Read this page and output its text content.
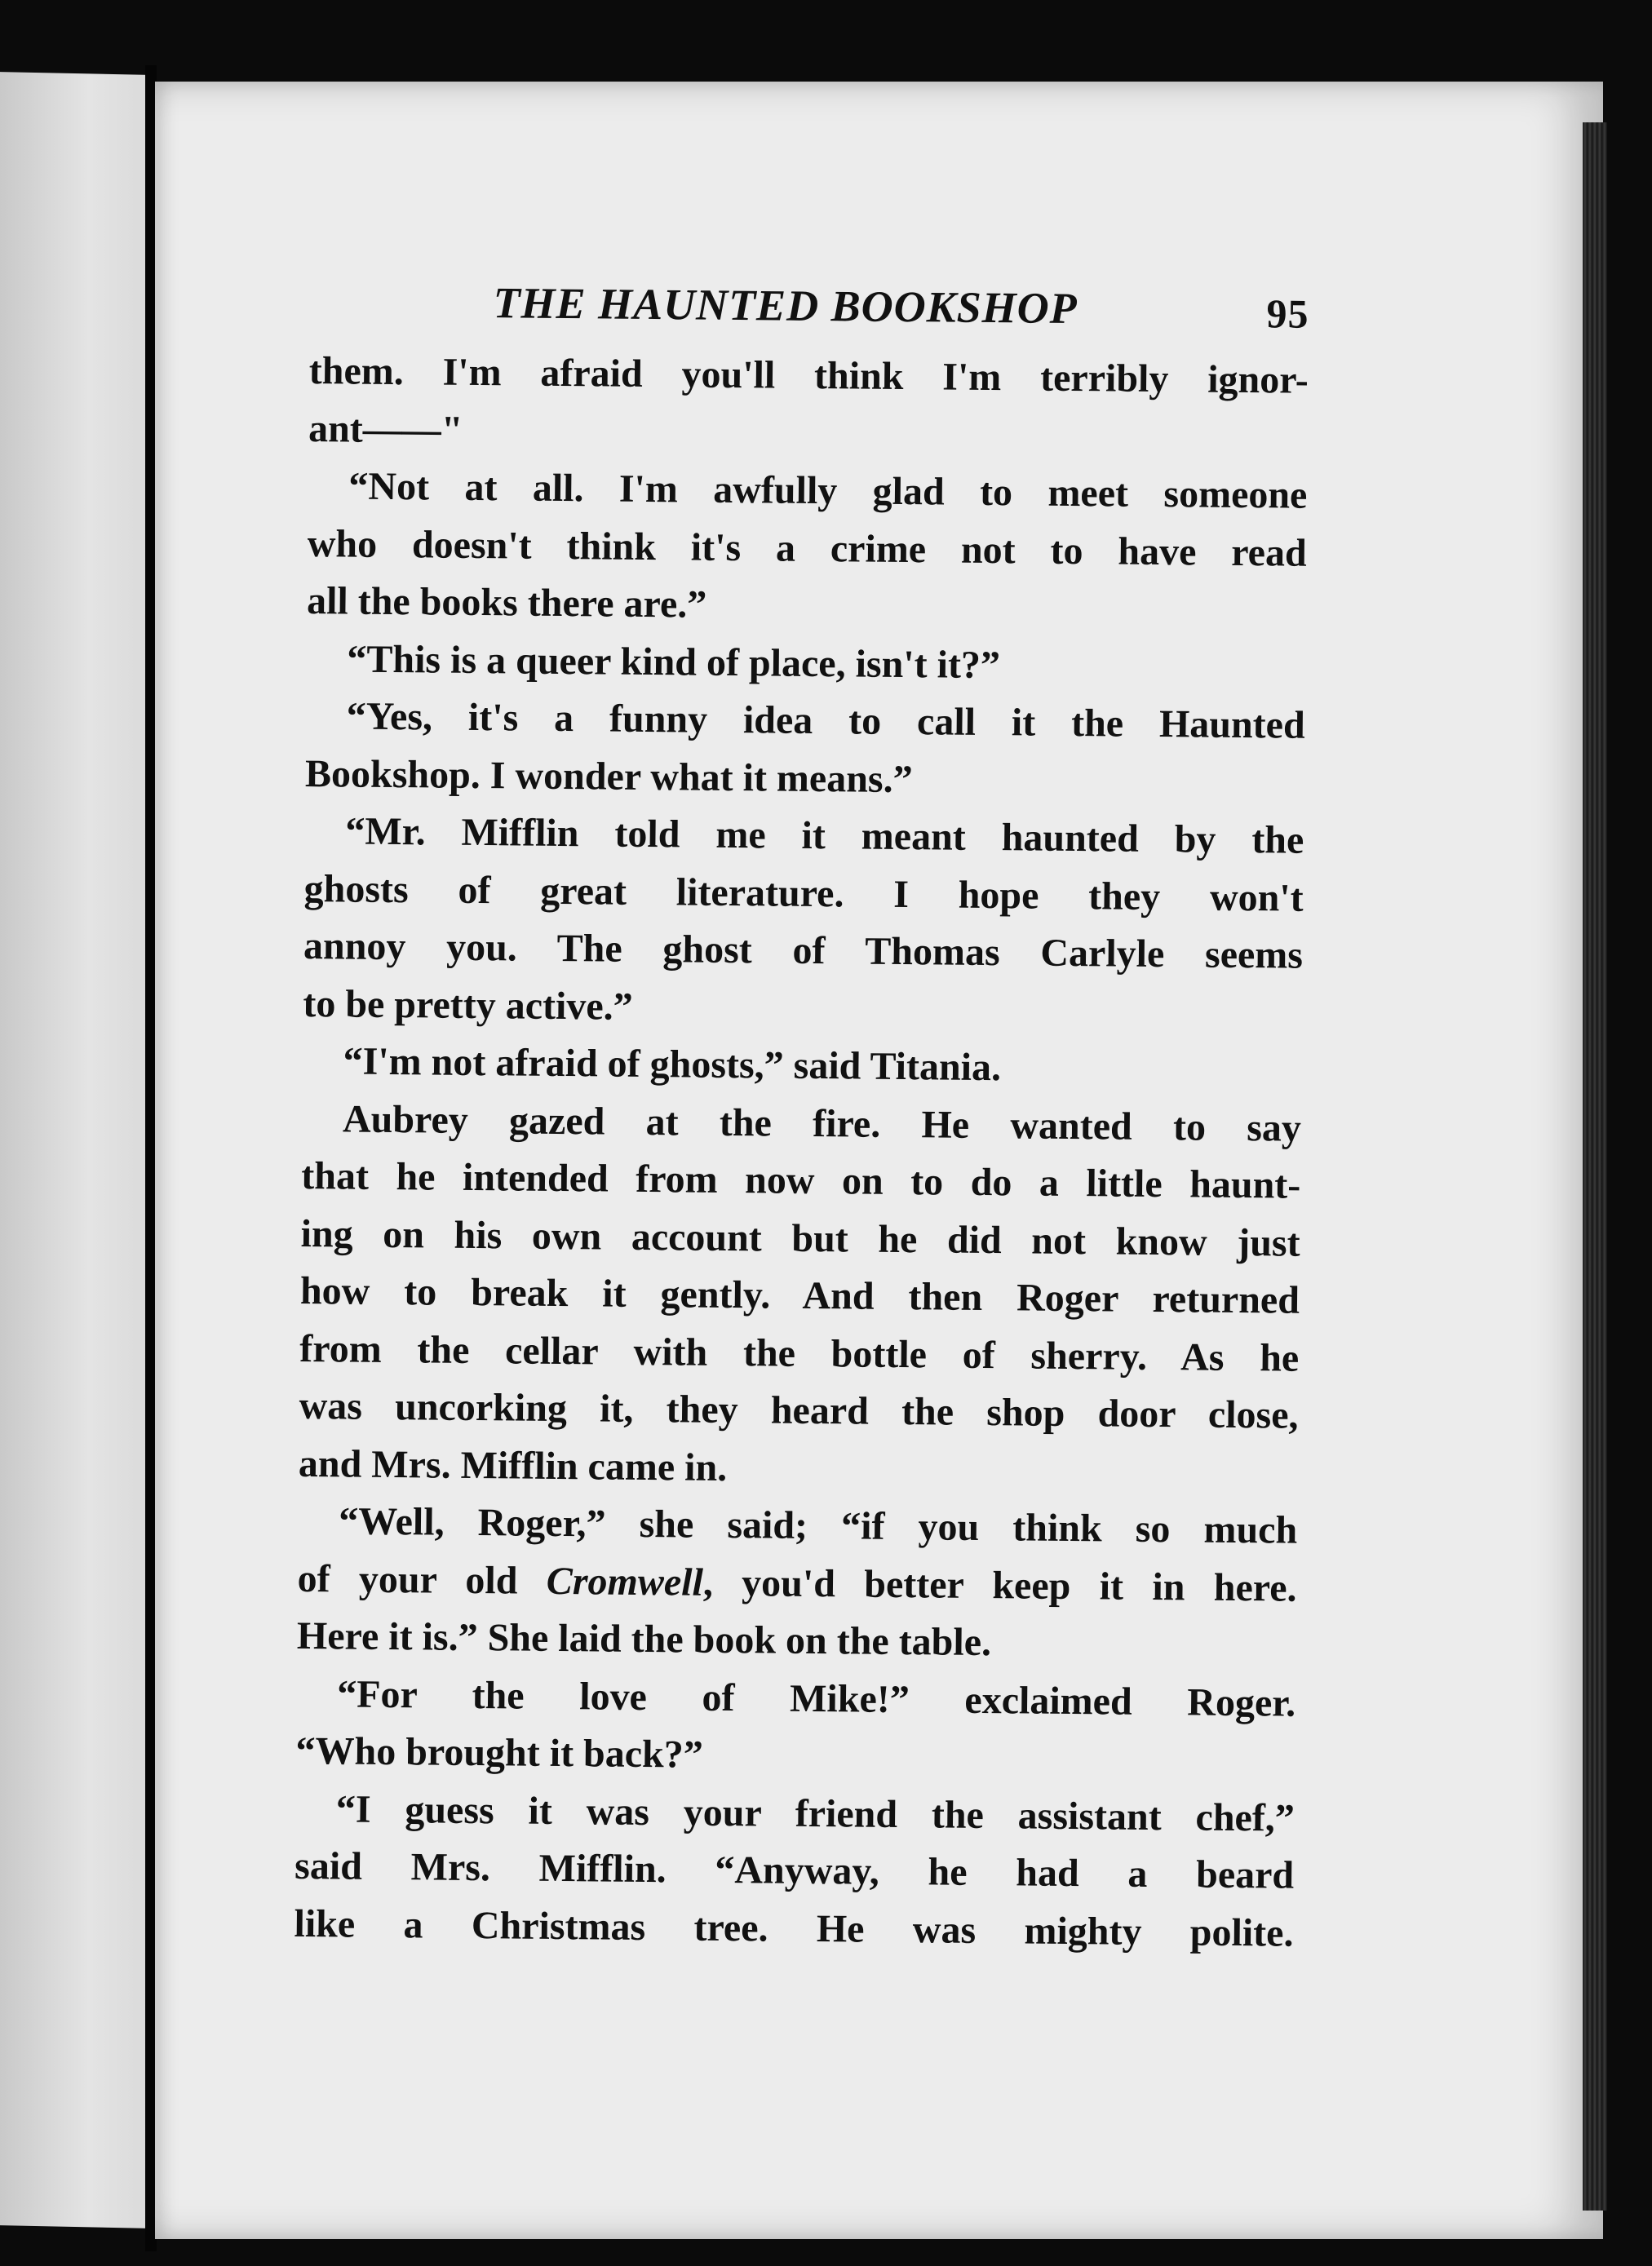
THE HAUNTED BOOKSHOP	95
them. I'm afraid you'll think I'm terribly ignor-
ant——"
“Not at all. I'm awfully glad to meet someone
who doesn't think it's a crime not to have read
all the books there are.”
“This is a queer kind of place, isn't it?”
“Yes, it's a funny idea to call it the Haunted
Bookshop. I wonder what it means.”
“Mr. Mifflin told me it meant haunted by the
ghosts of great literature. I hope they won't
annoy you. The ghost of Thomas Carlyle seems
to be pretty active.”
“I'm not afraid of ghosts,” said Titania.
Aubrey gazed at the fire. He wanted to say
that he intended from now on to do a little haunt-
ing on his own account but he did not know just
how to break it gently. And then Roger returned
from the cellar with the bottle of sherry. As he
was uncorking it, they heard the shop door close,
and Mrs. Mifflin came in.
“Well, Roger,” she said; “if you think so much
of your old Cromwell, you'd better keep it in here.
Here it is.” She laid the book on the table.
“For the love of Mike!” exclaimed Roger.
“Who brought it back?”
“I guess it was your friend the assistant chef,”
said Mrs. Mifflin. “Anyway, he had a beard
like a Christmas tree. He was mighty polite.
